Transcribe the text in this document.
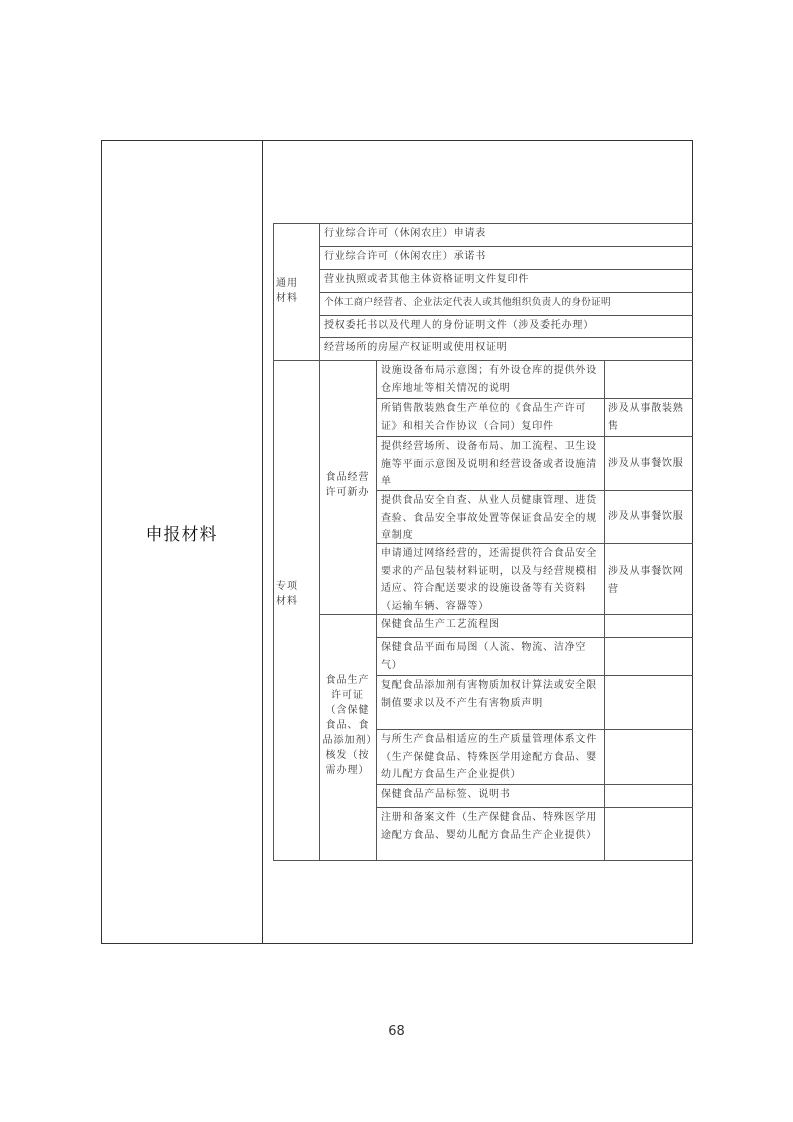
申报材料
通用材料
专项材料
食品经营许可新办
食品生产许可证（含保健食品、食品添加剂）核发（按需办理）
行业综合许可（休闲农庄）申请表
行业综合许可（休闲农庄）承诺书
营业执照或者其他主体资格证明文件复印件
个体工商户经营者、企业法定代表人或其他组织负责人的身份证明
授权委托书以及代理人的身份证明文件（涉及委托办理）
经营场所的房屋产权证明或使用权证明
设施设备布局示意图；有外设仓库的提供外设仓库地址等相关情况的说明
所销售散装熟食生产单位的《食品生产许可证》和相关合作协议（合同）复印件
提供经营场所、设备布局、加工流程、卫生设施等平面示意图及说明和经营设备或者设施清单
提供食品安全自查、从业人员健康管理、进货查验、食品安全事故处置等保证食品安全的规章制度
申请通过网络经营的，还需提供符合食品安全要求的产品包装材料证明，以及与经营规模相适应、符合配送要求的设施设备等有关资料（运输车辆、容器等）
涉及从事散装熟售
涉及从事餐饮服
涉及从事餐饮服
涉及从事餐饮网营
保健食品生产工艺流程图
保健食品平面布局图（人流、物流、洁净空气）
复配食品添加剂有害物质加权计算法或安全限制值要求以及不产生有害物质声明
与所生产食品相适应的生产质量管理体系文件（生产保健食品、特殊医学用途配方食品、婴幼儿配方食品生产企业提供）
保健食品产品标签、说明书
注册和备案文件（生产保健食品、特殊医学用途配方食品、婴幼儿配方食品生产企业提供）
68
